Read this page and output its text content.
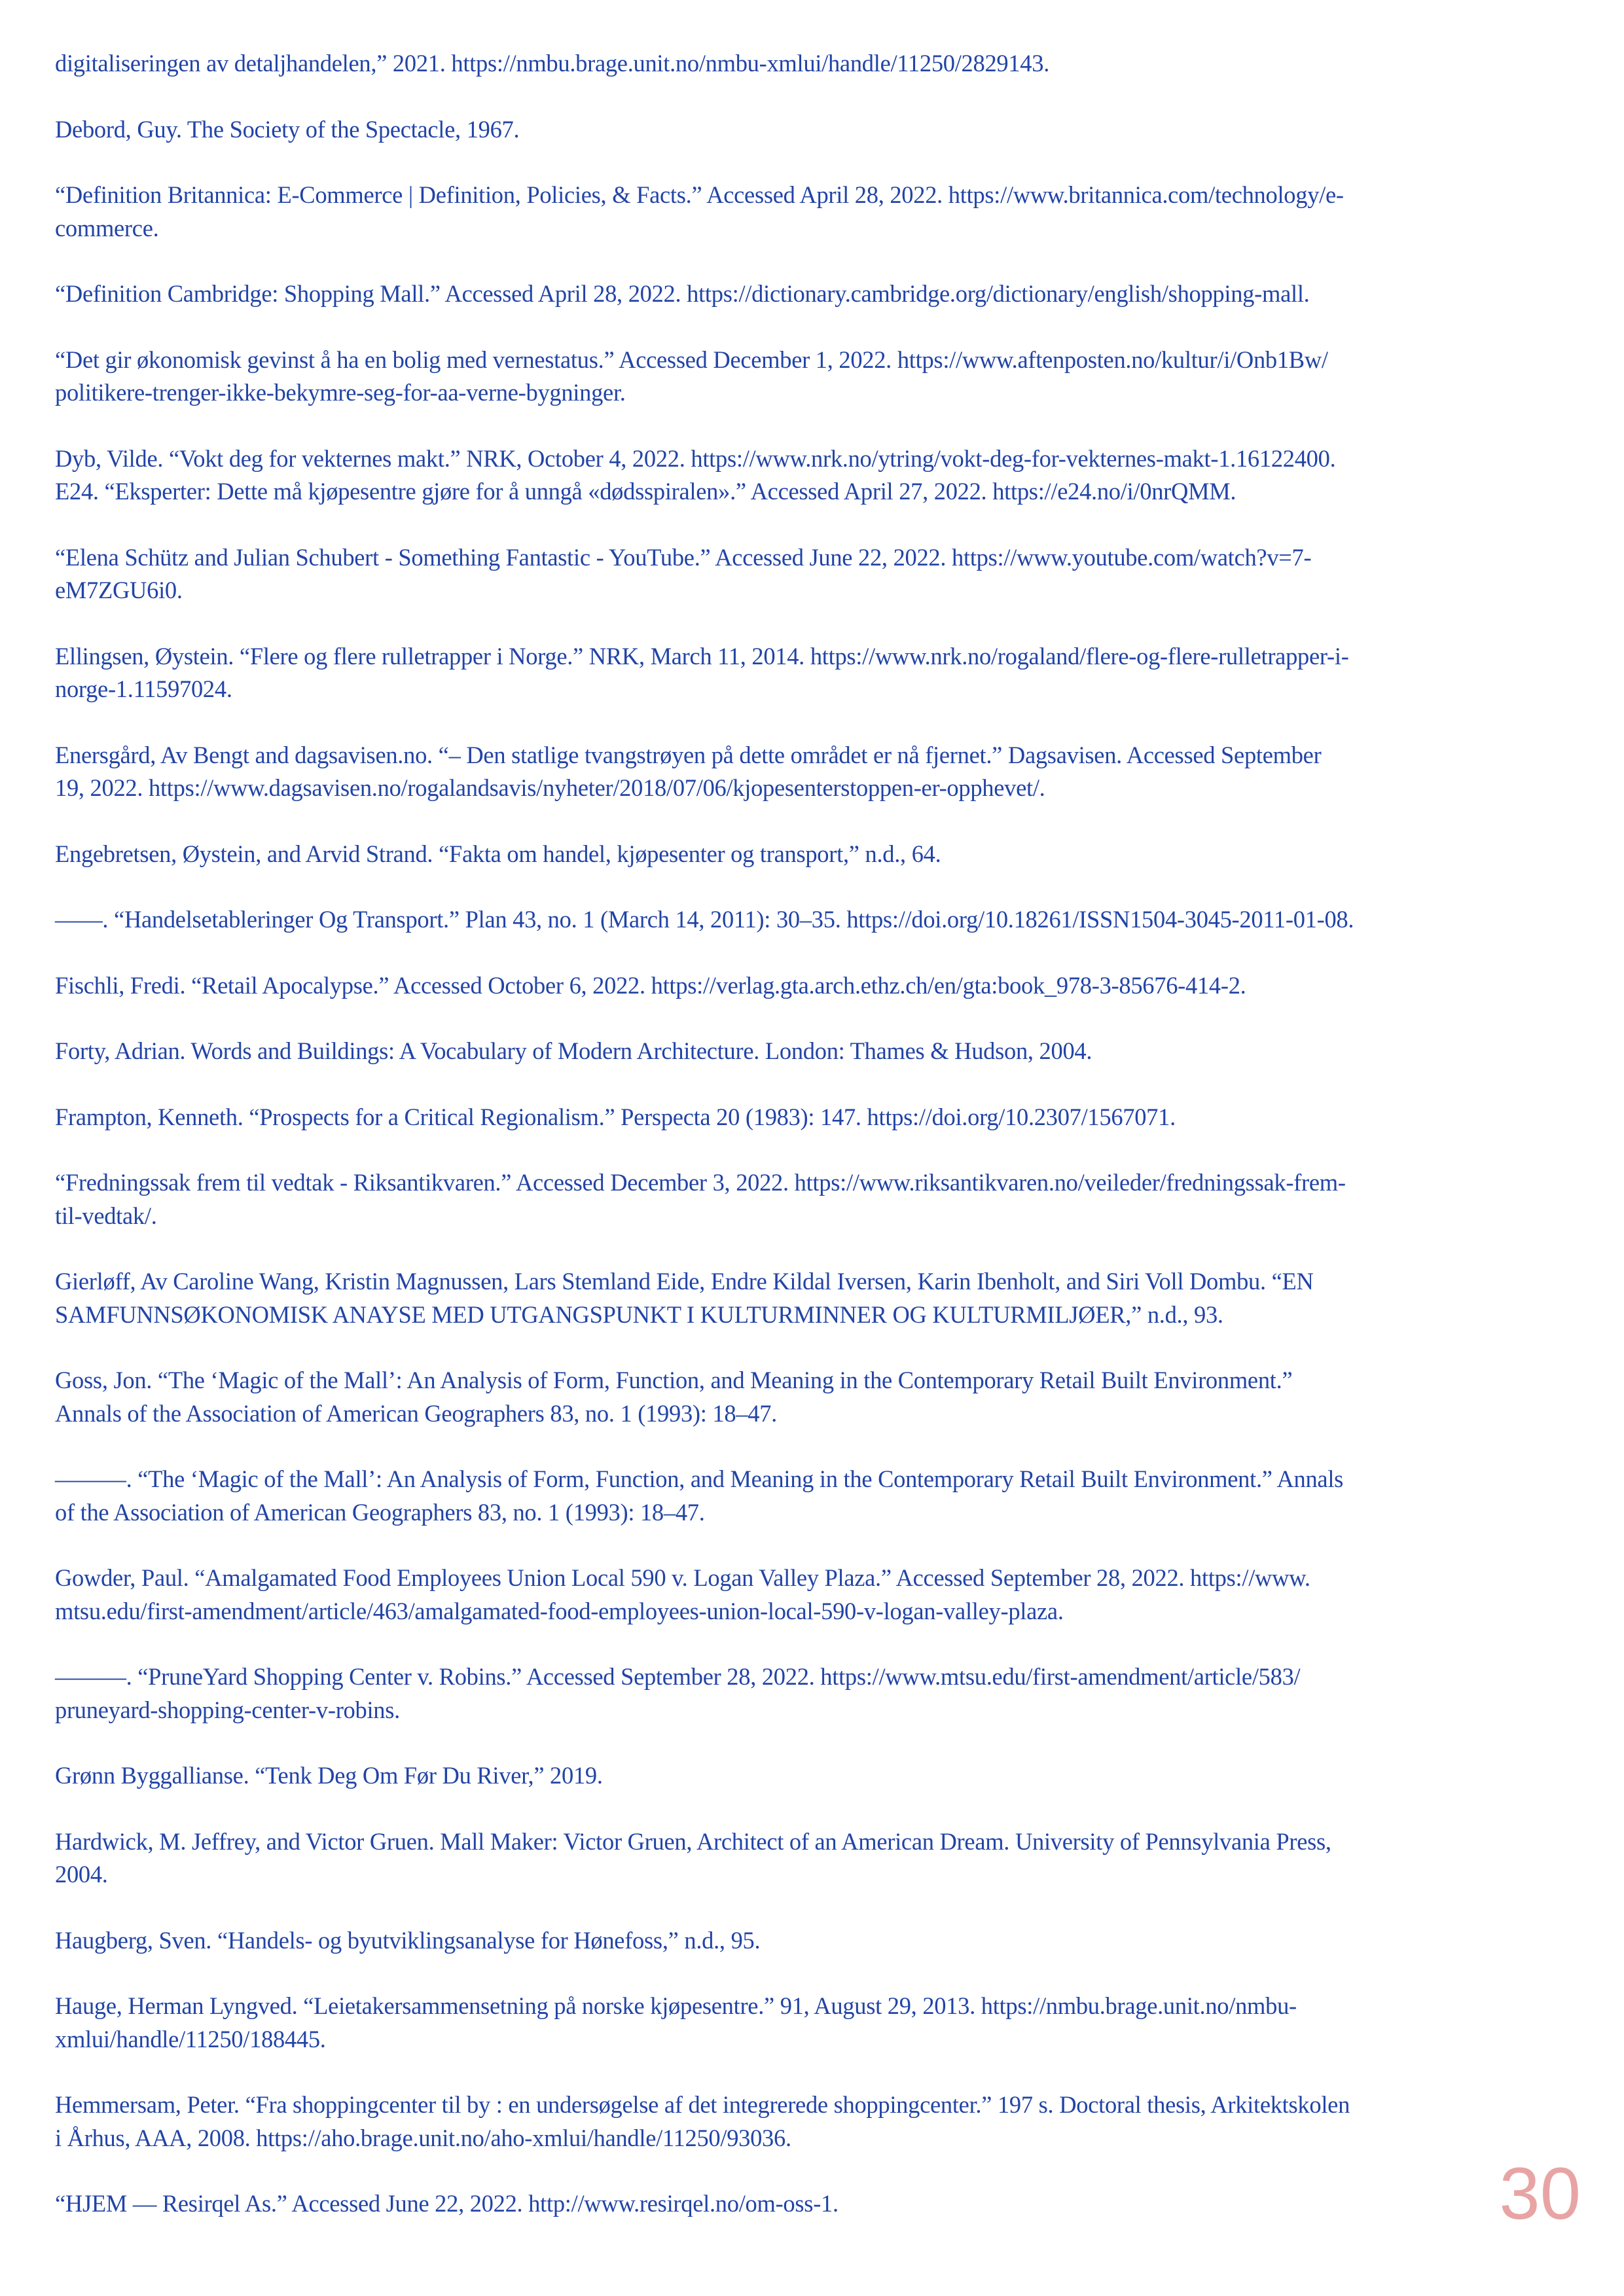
digitaliseringen av detaljhandelen,” 2021. https://nmbu.brage.unit.no/nmbu-xmlui/handle/11250/2829143.
Debord, Guy. The Society of the Spectacle, 1967.
“Definition Britannica: E-Commerce | Definition, Policies, & Facts.” Accessed April 28, 2022. https://www.britannica.com/technology/e-
commerce.
“Definition Cambridge: Shopping Mall.” Accessed April 28, 2022. https://dictionary.cambridge.org/dictionary/english/shopping-mall.
“Det gir økonomisk gevinst å ha en bolig med vernestatus.” Accessed December 1, 2022. https://www.aftenposten.no/kultur/i/Onb1Bw/
politikere-trenger-ikke-bekymre-seg-for-aa-verne-bygninger.
Dyb, Vilde. “Vokt deg for vekternes makt.” NRK, October 4, 2022. https://www.nrk.no/ytring/vokt-deg-for-vekternes-makt-1.16122400.
E24. “Eksperter: Dette må kjøpesentre gjøre for å unngå «dødsspiralen».” Accessed April 27, 2022. https://e24.no/i/0nrQMM.
“Elena Schütz and Julian Schubert - Something Fantastic - YouTube.” Accessed June 22, 2022. https://www.youtube.com/watch?v=7-
eM7ZGU6i0.
Ellingsen, Øystein. “Flere og flere rulletrapper i Norge.” NRK, March 11, 2014. https://www.nrk.no/rogaland/flere-og-flere-rulletrapper-i-
norge-1.11597024.
Enersgård, Av Bengt and dagsavisen.no. “– Den statlige tvangstrøyen på dette området er nå fjernet.” Dagsavisen. Accessed September
19, 2022. https://www.dagsavisen.no/rogalandsavis/nyheter/2018/07/06/kjopesenterstoppen-er-opphevet/.
Engebretsen, Øystein, and Arvid Strand. “Fakta om handel, kjøpesenter og transport,” n.d., 64.
——. “Handelsetableringer Og Transport.” Plan 43, no. 1 (March 14, 2011): 30–35. https://doi.org/10.18261/ISSN1504-3045-2011-01-08.
Fischli, Fredi. “Retail Apocalypse.” Accessed October 6, 2022. https://verlag.gta.arch.ethz.ch/en/gta:book_978-3-85676-414-2.
Forty, Adrian. Words and Buildings: A Vocabulary of Modern Architecture. London: Thames & Hudson, 2004.
Frampton, Kenneth. “Prospects for a Critical Regionalism.” Perspecta 20 (1983): 147. https://doi.org/10.2307/1567071.
“Fredningssak frem til vedtak - Riksantikvaren.” Accessed December 3, 2022. https://www.riksantikvaren.no/veileder/fredningssak-frem-
til-vedtak/.
Gierløff, Av Caroline Wang, Kristin Magnussen, Lars Stemland Eide, Endre Kildal Iversen, Karin Ibenholt, and Siri Voll Dombu. “EN
SAMFUNNSØKONOMISK ANAYSE MED UTGANGSPUNKT I KULTURMINNER OG KULTURMILJØER,” n.d., 93.
Goss, Jon. “The ‘Magic of the Mall’: An Analysis of Form, Function, and Meaning in the Contemporary Retail Built Environment.”
Annals of the Association of American Geographers 83, no. 1 (1993): 18–47.
———. “The ‘Magic of the Mall’: An Analysis of Form, Function, and Meaning in the Contemporary Retail Built Environment.” Annals
of the Association of American Geographers 83, no. 1 (1993): 18–47.
Gowder, Paul. “Amalgamated Food Employees Union Local 590 v. Logan Valley Plaza.” Accessed September 28, 2022. https://www.
mtsu.edu/first-amendment/article/463/amalgamated-food-employees-union-local-590-v-logan-valley-plaza.
———. “PruneYard Shopping Center v. Robins.” Accessed September 28, 2022. https://www.mtsu.edu/first-amendment/article/583/
pruneyard-shopping-center-v-robins.
Grønn Byggallianse. “Tenk Deg Om Før Du River,” 2019.
Hardwick, M. Jeffrey, and Victor Gruen. Mall Maker: Victor Gruen, Architect of an American Dream. University of Pennsylvania Press,
2004.
Haugberg, Sven. “Handels- og byutviklingsanalyse for Hønefoss,” n.d., 95.
Hauge, Herman Lyngved. “Leietakersammensetning på norske kjøpesentre.” 91, August 29, 2013. https://nmbu.brage.unit.no/nmbu-
xmlui/handle/11250/188445.
Hemmersam, Peter. “Fra shoppingcenter til by : en undersøgelse af det integrerede shoppingcenter.” 197 s. Doctoral thesis, Arkitektskolen
i Århus, AAA, 2008. https://aho.brage.unit.no/aho-xmlui/handle/11250/93036.
“HJEM — Resirqel As.” Accessed June 22, 2022. http://www.resirqel.no/om-oss-1.	30
